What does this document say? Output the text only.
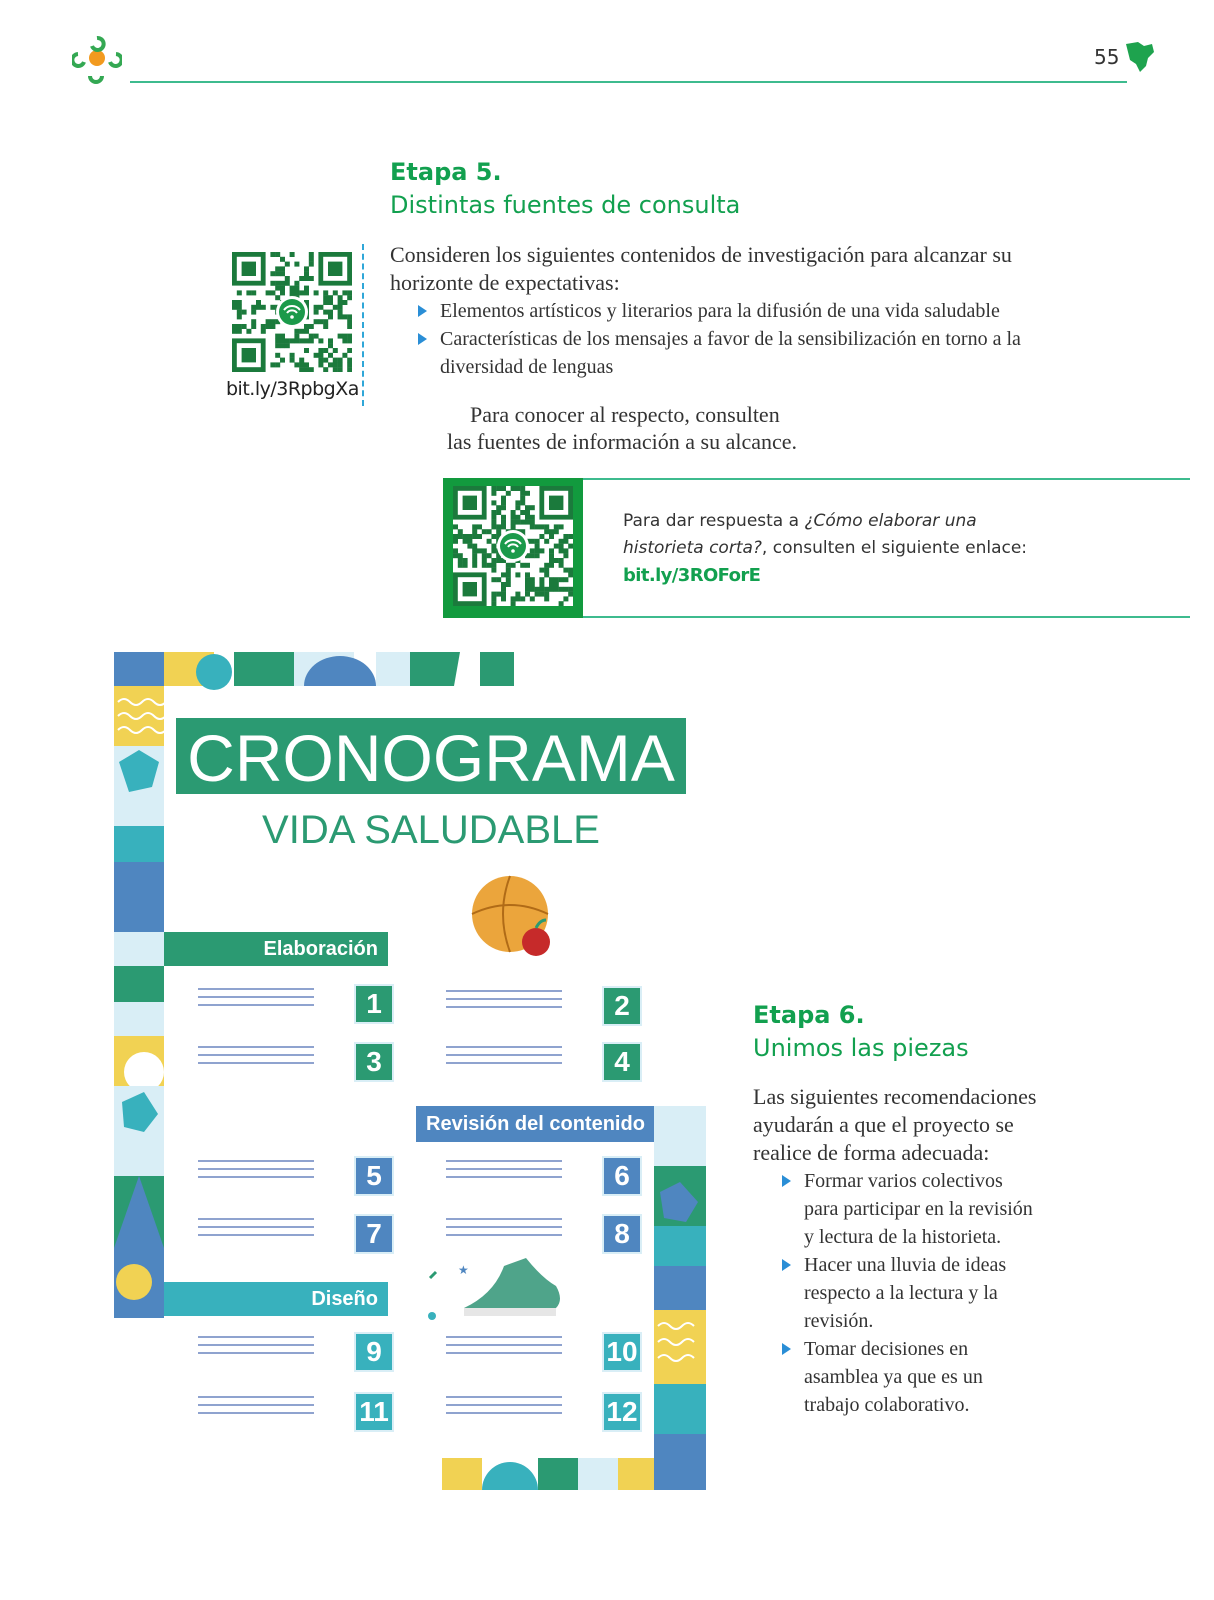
55
Etapa 5.
Distintas fuentes de consulta
bit.ly/3RpbgXa
Consideren los siguientes contenidos de investigación para alcanzar su horizonte de expectativas:
Elementos artísticos y literarios para la difusión de una vida saludable
Características de los mensajes a favor de la sensibilización en torno a la diversidad de lenguas
Para conocer al respecto, consulten
las fuentes de información a su alcance.
Para dar respuesta a ¿Cómo elaborar una historieta corta?, consulten el siguiente enlace:
bit.ly/3ROForE
★
CRONOGRAMA
VIDA SALUDABLE
Elaboración
Revisión del contenido
Diseño
1	2
3	4
5	6
7	8
9	10
11	12
Etapa 6.
Unimos las piezas
Las siguientes recomendaciones
ayudarán a que el proyecto se
realice de forma adecuada:
Formar varios colectivos
para participar en la revisión
y lectura de la historieta.
Hacer una lluvia de ideas
respecto a la lectura y la
revisión.
Tomar decisiones en
asamblea ya que es un
trabajo colaborativo.
